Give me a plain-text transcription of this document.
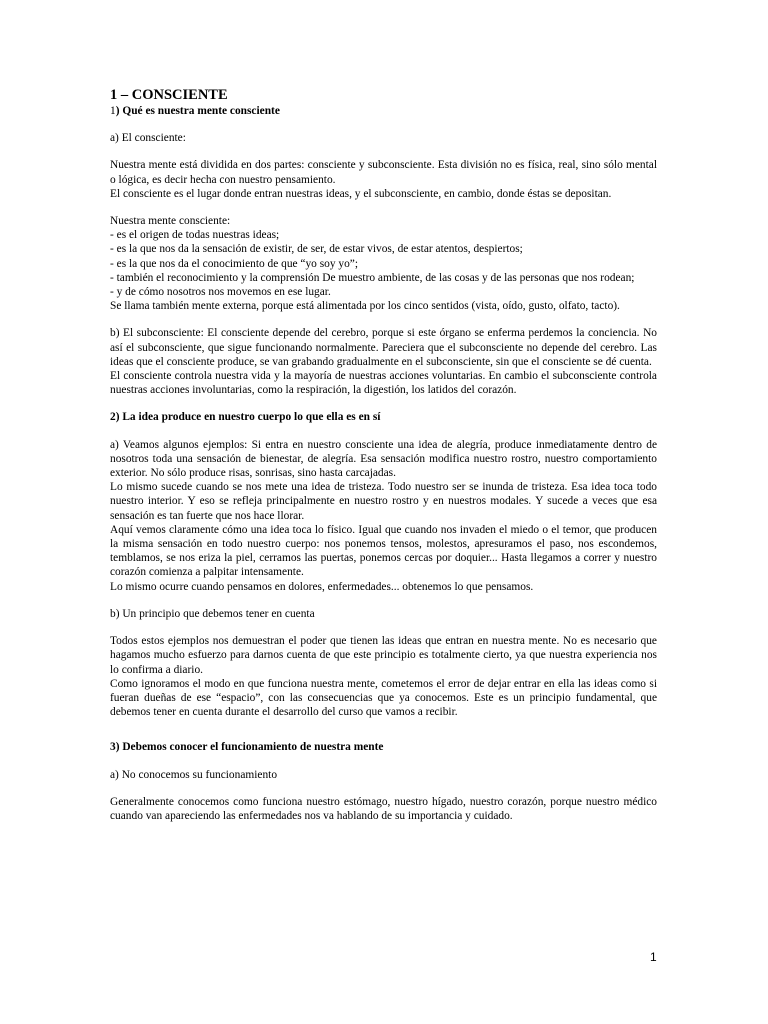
1 – CONSCIENTE

1) Qué es nuestra mente consciente

a) El consciente:

Nuestra mente está dividida en dos partes: consciente y subconsciente. Esta división no es física, real, sino sólo mental o lógica, es decir hecha con nuestro pensamiento.

El consciente es el lugar donde entran nuestras ideas, y el subconsciente, en cambio, donde éstas se depositan.

Nuestra mente consciente:

- es el origen de todas nuestras ideas;

- es la que nos da la sensación de existir, de ser, de estar vivos, de estar atentos, despiertos;

- es la que nos da el conocimiento de que “yo soy yo”;

- también el reconocimiento y la comprensión De muestro ambiente, de las cosas y de las personas que nos rodean;

- y de cómo nosotros nos movemos en ese lugar.

Se llama también mente externa, porque está alimentada por los cinco sentidos (vista, oído, gusto, olfato, tacto).

b) El subconsciente: El consciente depende del cerebro, porque si este órgano se enferma perdemos la conciencia. No así el subconsciente, que sigue funcionando normalmente. Pareciera que el subconsciente no depende del cerebro. Las ideas que el consciente produce, se van grabando gradualmente en el subconsciente, sin que el consciente se dé cuenta.

El consciente controla nuestra vida y la mayoría de nuestras acciones voluntarias. En cambio el subconsciente controla nuestras acciones involuntarias, como la respiración, la digestión, los latidos del corazón.

2) La idea produce en nuestro cuerpo lo que ella es en sí

a) Veamos algunos ejemplos: Si entra en nuestro consciente una idea de alegría, produce inmediatamente dentro de nosotros toda una sensación de bienestar, de alegría. Esa sensación modifica nuestro rostro, nuestro comportamiento exterior. No sólo produce risas, sonrisas, sino hasta carcajadas.

Lo mismo sucede cuando se nos mete una idea de tristeza. Todo nuestro ser se inunda de tristeza. Esa idea toca todo nuestro interior. Y eso se refleja principalmente en nuestro rostro y en nuestros modales. Y sucede a veces que esa sensación es tan fuerte que nos hace llorar.

Aquí vemos claramente cómo una idea toca lo físico. Igual que cuando nos invaden el miedo o el temor, que producen la misma sensación en todo nuestro cuerpo: nos ponemos tensos, molestos, apresuramos el paso, nos escondemos, temblamos, se nos eriza la piel, cerramos las puertas, ponemos cercas por doquier... Hasta llegamos a correr y nuestro corazón comienza a palpitar intensamente.

Lo mismo ocurre cuando pensamos en dolores, enfermedades... obtenemos lo que pensamos.

b) Un principio que debemos tener en cuenta

Todos estos ejemplos nos demuestran el poder que tienen las ideas que entran en nuestra mente. No es necesario que hagamos mucho esfuerzo para darnos cuenta de que este principio es totalmente cierto, ya que nuestra experiencia nos lo confirma a diario.

Como ignoramos el modo en que funciona nuestra mente, cometemos el error de dejar entrar en ella las ideas como si fueran dueñas de ese “espacio”, con las consecuencias que ya conocemos. Este es un principio fundamental, que debemos tener en cuenta durante el desarrollo del curso que vamos a recibir.

3) Debemos conocer el funcionamiento de nuestra mente

a) No conocemos su funcionamiento

Generalmente conocemos como funciona nuestro estómago, nuestro hígado, nuestro corazón, porque nuestro médico cuando van apareciendo las enfermedades nos va hablando de su importancia y cuidado.

1
